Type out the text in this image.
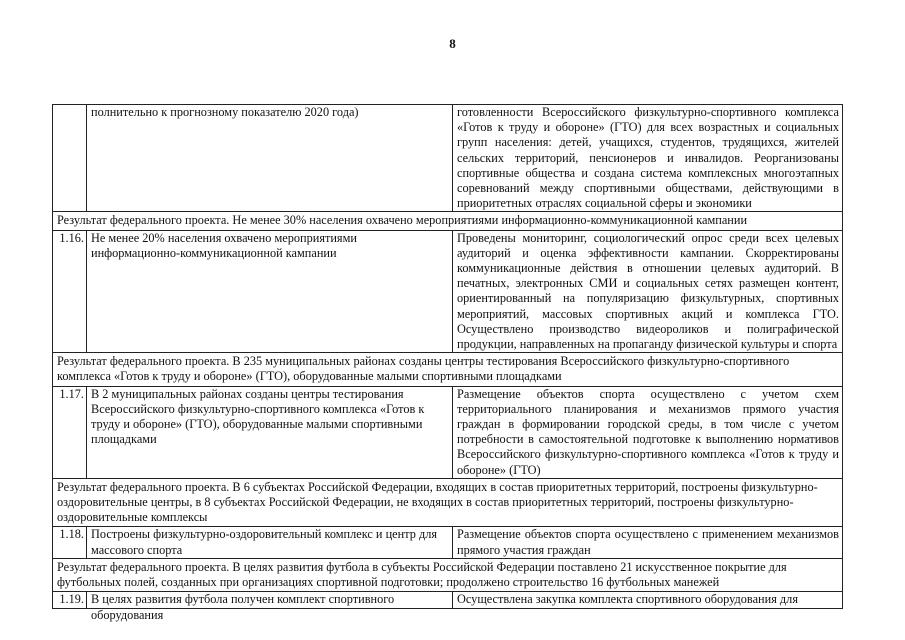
8
	полнительно к прогнозному показателю 2020 года)	готовленности Всероссийского физкультурно-спортивного комплекса «Готов к труду и обороне» (ГТО) для всех возрастных и социальных групп населения: детей, учащихся, студентов, трудящихся, жителей сельских территорий, пенсионеров и инвалидов. Реорганизованы спортивные общества и создана система комплексных многоэтапных соревнований между спортивными обществами, действующими в приоритетных отраслях социальной сферы и экономики
Результат федерального проекта. Не менее 30% населения охвачено мероприятиями информационно-коммуникационной кампании		
1.16.	Не менее 20% населения охвачено мероприятиями информационно-коммуникационной кампании	Проведены мониторинг, социологический опрос среди всех целевых аудиторий и оценка эффективности кампании. Скорректированы коммуникационные действия в отношении целевых аудиторий. В печатных, электронных СМИ и социальных сетях размещен контент, ориентированный на популяризацию физкультурных, спортивных мероприятий, массовых спортивных акций и комплекса ГТО. Осуществлено производство видеороликов и полиграфической продукции, направленных на пропаганду физической культуры и спорта
Результат федерального проекта. В 235 муниципальных районах созданы центры тестирования Всероссийского физкультурно-спортивного комплекса «Готов к труду и обороне» (ГТО), оборудованные малыми спортивными площадками		
1.17.	В 2 муниципальных районах созданы центры тестирования Всероссийского физкультурно-спортивного комплекса «Готов к труду и обороне» (ГТО), оборудованные малыми спортивными площадками	Размещение объектов спорта осуществлено с учетом схем территориального планирования и механизмов прямого участия граждан в формировании городской среды, в том числе с учетом потребности в самостоятельной подготовке к выполнению нормативов Всероссийского физкультурно-спортивного комплекса «Готов к труду и обороне» (ГТО)
Результат федерального проекта. В 6 субъектах Российской Федерации, входящих в состав приоритетных территорий, построены физкультурно-оздоровительные центры, в 8 субъектах Российской Федерации, не входящих в состав приоритетных территорий, построены физкультурно-оздоровительные комплексы		
1.18.	Построены физкультурно-оздоровительный комплекс и центр для массового спорта	Размещение объектов спорта осуществлено с применением механизмов прямого участия граждан
Результат федерального проекта. В целях развития футбола в субъекты Российской Федерации поставлено 21 искусственное покрытие для футбольных полей, созданных при организациях спортивной подготовки; продолжено строительство 16 футбольных манежей		
1.19.	В целях развития футбола получен комплект спортивного оборудования	Осуществлена закупка комплекта спортивного оборудования для
